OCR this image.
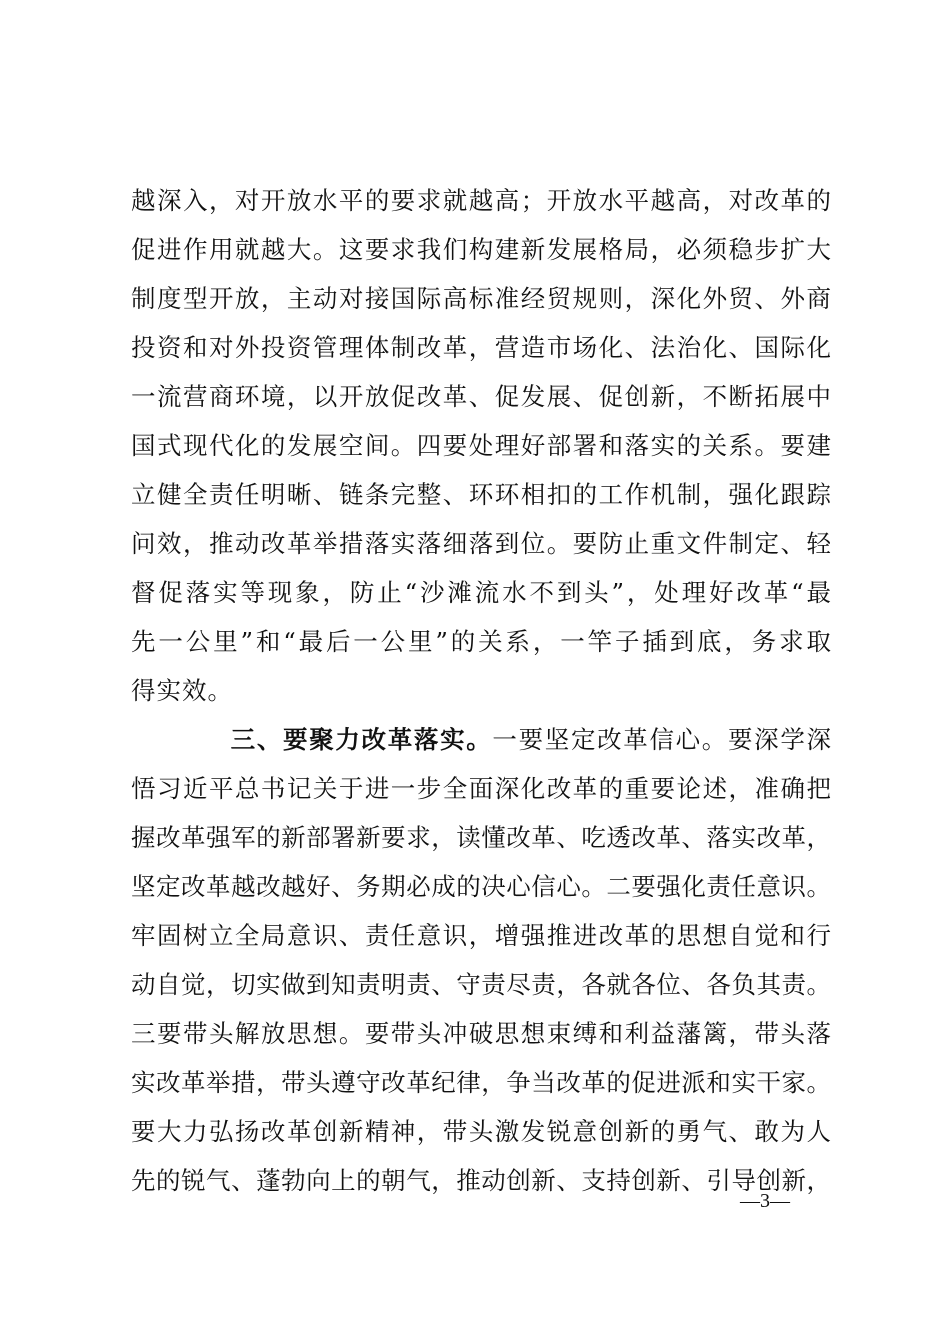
越深入，对开放水平的要求就越高；开放水平越高，对改革的
促进作用就越大。这要求我们构建新发展格局，必须稳步扩大
制度型开放，主动对接国际高标准经贸规则，深化外贸、外商
投资和对外投资管理体制改革，营造市场化、法治化、国际化
一流营商环境，以开放促改革、促发展、促创新，不断拓展中
国式现代化的发展空间。四要处理好部署和落实的关系。要建
立健全责任明晰、链条完整、环环相扣的工作机制，强化跟踪
问效，推动改革举措落实落细落到位。要防止重文件制定、轻
督促落实等现象，防止“沙滩流水不到头”，处理好改革“最
先一公里”和“最后一公里”的关系，一竿子插到底，务求取
得实效。
三、要聚力改革落实。一要坚定改革信心。要深学深
悟习近平总书记关于进一步全面深化改革的重要论述，准确把
握改革强军的新部署新要求，读懂改革、吃透改革、落实改革，
坚定改革越改越好、务期必成的决心信心。二要强化责任意识。
牢固树立全局意识、责任意识，增强推进改革的思想自觉和行
动自觉，切实做到知责明责、守责尽责，各就各位、各负其责。
三要带头解放思想。要带头冲破思想束缚和利益藩篱，带头落
实改革举措，带头遵守改革纪律，争当改革的促进派和实干家。
要大力弘扬改革创新精神，带头激发锐意创新的勇气、敢为人
先的锐气、蓬勃向上的朝气，推动创新、支持创新、引导创新，
—3—
